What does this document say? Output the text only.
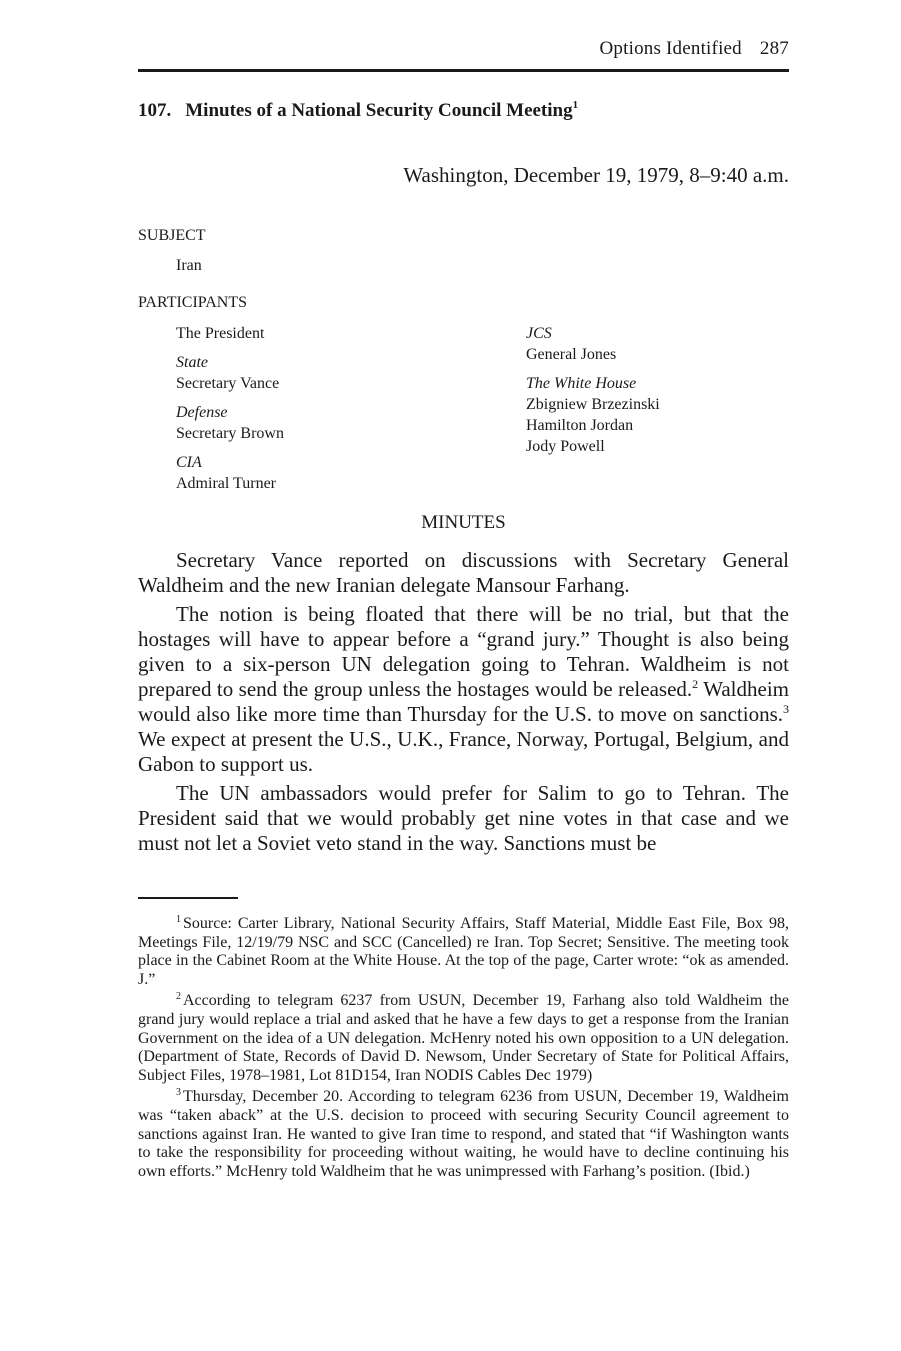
Options Identified 287
107. Minutes of a National Security Council Meeting$^1$
Washington, December 19, 1979, 8–9:40 a.m.
SUBJECT
Iran
PARTICIPANTS
The President
State
Secretary Vance
Defense
Secretary Brown
CIA
Admiral Turner
JCS
General Jones
The White House
Zbigniew Brzezinski
Hamilton Jordan
Jody Powell
MINUTES

Secretary Vance reported on discussions with Secretary General Waldheim and the new Iranian delegate Mansour Farhang.

The notion is being floated that there will be no trial, but that the hostages will have to appear before a “grand jury.” Thought is also being given to a six-person UN delegation going to Tehran. Waldheim is not prepared to send the group unless the hostages would be released.$^2$ Waldheim would also like more time than Thursday for the U.S. to move on sanctions.$^3$ We expect at present the U.S., U.K., France, Norway, Portugal, Belgium, and Gabon to support us.

The UN ambassadors would prefer for Salim to go to Tehran. The President said that we would probably get nine votes in that case and we must not let a Soviet veto stand in the way. Sanctions must be

$^1$ Source: Carter Library, National Security Affairs, Staff Material, Middle East File, Box 98, Meetings File, 12/19/79 NSC and SCC (Cancelled) re Iran. Top Secret; Sensitive. The meeting took place in the Cabinet Room at the White House. At the top of the page, Carter wrote: “ok as amended. J.”

$^2$ According to telegram 6237 from USUN, December 19, Farhang also told Waldheim the grand jury would replace a trial and asked that he have a few days to get a response from the Iranian Government on the idea of a UN delegation. McHenry noted his own opposition to a UN delegation. (Department of State, Records of David D. Newsom, Under Secretary of State for Political Affairs, Subject Files, 1978–1981, Lot 81D154, Iran NODIS Cables Dec 1979)

$^3$ Thursday, December 20. According to telegram 6236 from USUN, December 19, Waldheim was “taken aback” at the U.S. decision to proceed with securing Security Council agreement to sanctions against Iran. He wanted to give Iran time to respond, and stated that “if Washington wants to take the responsibility for proceeding without waiting, he would have to decline continuing his own efforts.” McHenry told Waldheim that he was unimpressed with Farhang’s position. (Ibid.)
